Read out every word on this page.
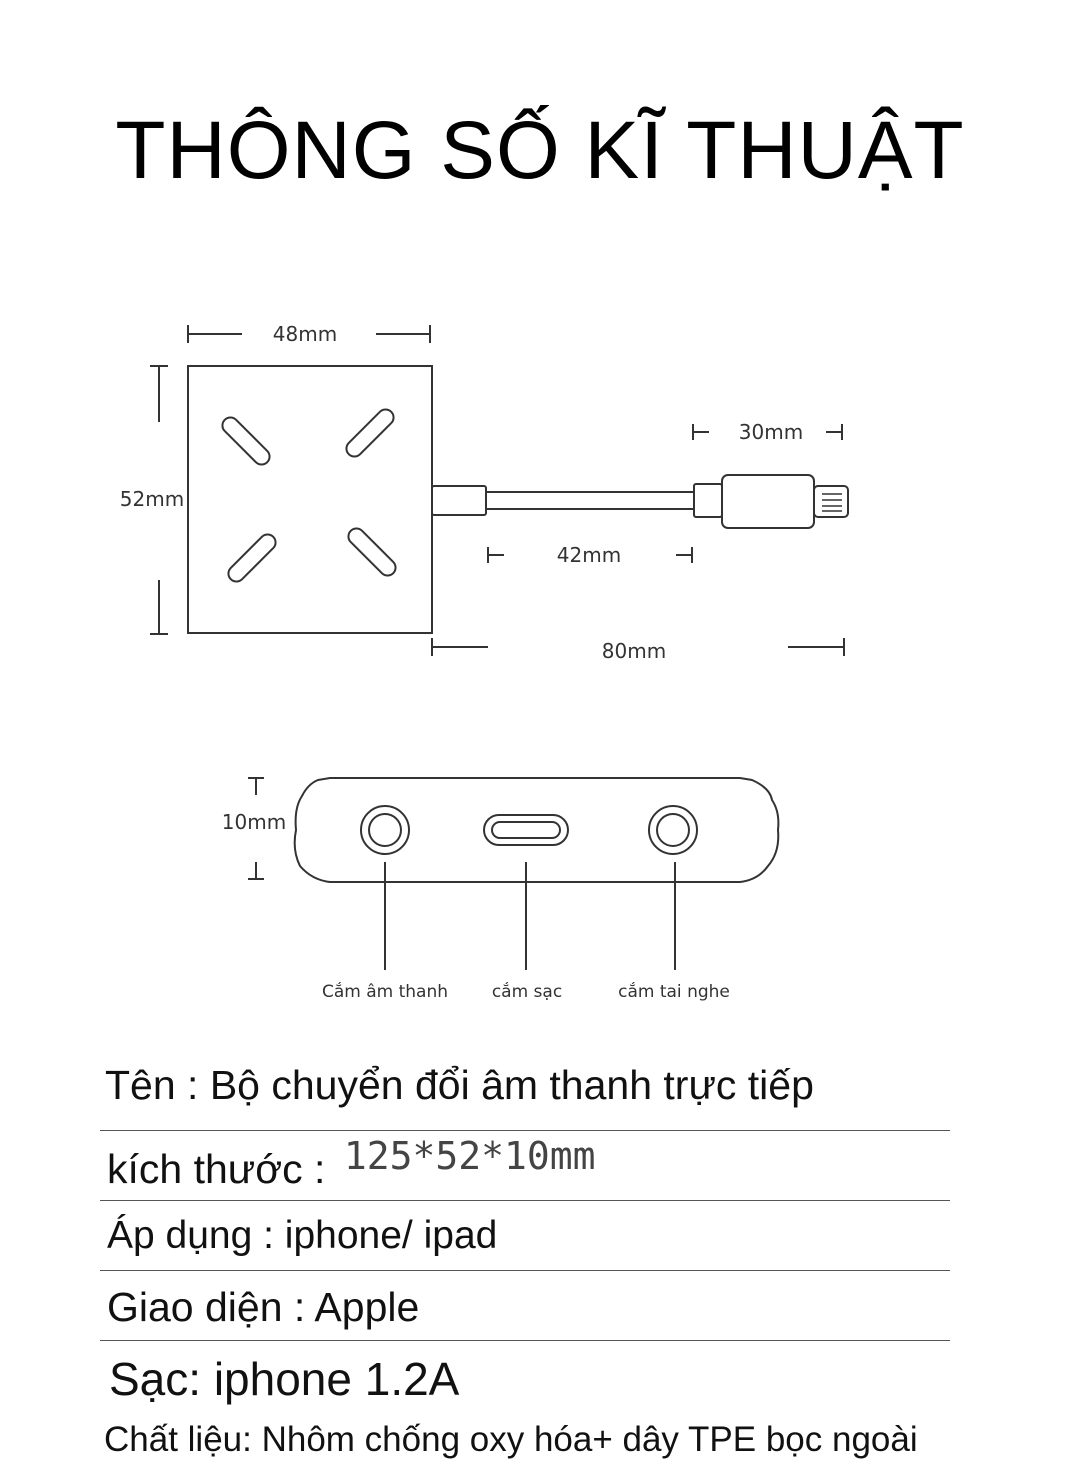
THÔNG SỐ KĨ THUẬT
48mm
52mm
30mm
42mm
80mm
10mm
Cắm âm thanh	cắm sạc	cắm tai nghe
Tên : Bộ chuyển đổi âm thanh trực tiếp
kích thước : 125*52*10mm
Áp dụng : iphone/ ipad
Giao diện : Apple
Sạc: iphone 1.2A
Chất liệu: Nhôm chống oxy hóa+ dây TPE bọc ngoài
